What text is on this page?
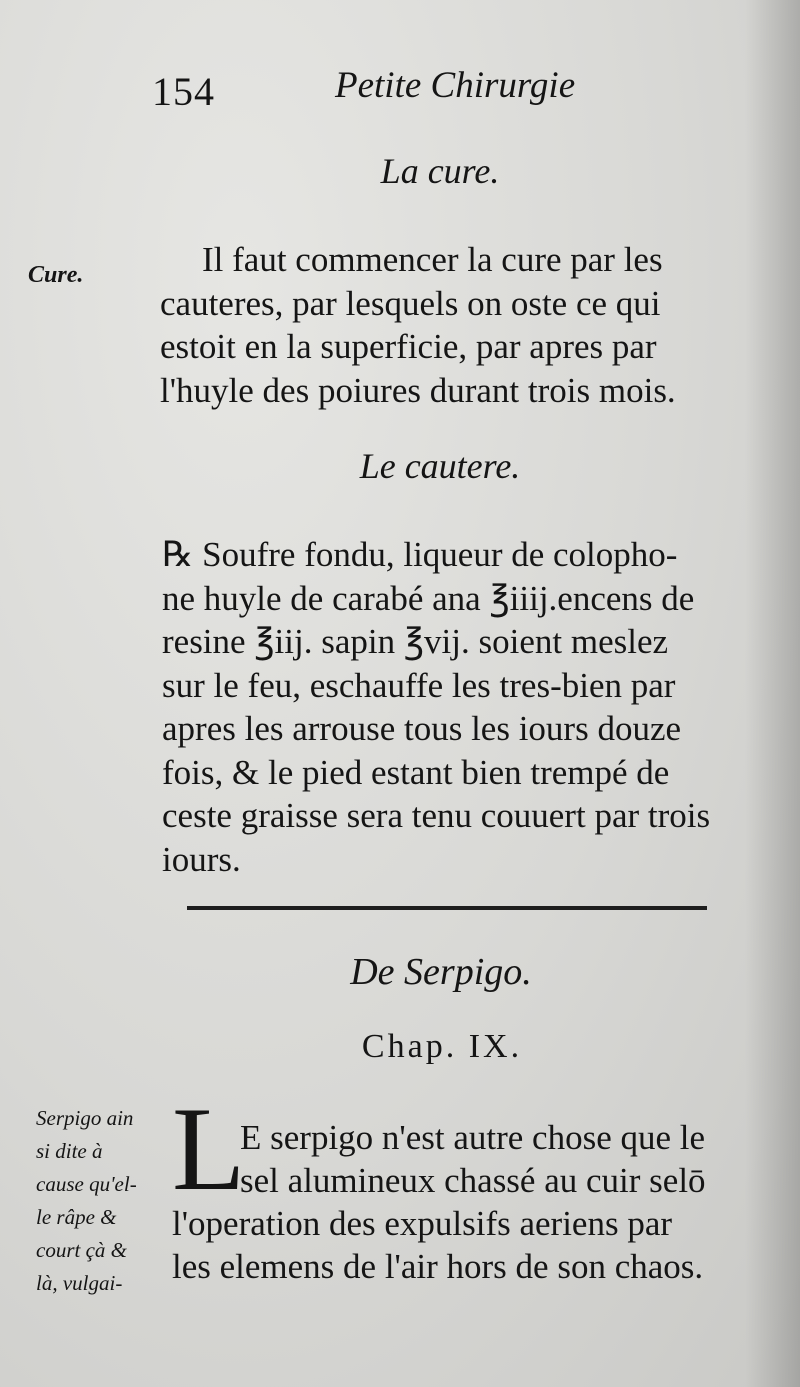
154	Petite Chirurgie
La cure.
Cure.	Il faut commencer la cure par les
cauteres, par lesquels on oste ce qui
estoit en la superficie, par apres par
l'huyle des poiures durant trois mois.
Le cautere.
℞ Soufre fondu, liqueur de colopho-
ne huyle de carabé ana ℥iiij.encens de
resine ℥iij. sapin ℥vij. soient meslez
sur le feu, eschauffe les tres-bien par
apres les arrouse tous les iours douze
fois, & le pied estant bien trempé de
ceste graisse sera tenu couuert par trois
iours.
De Serpigo.
Chap. IX.
Serpigo ain
si dite à
cause qu'el-
le râpe &
court çà &
là, vulgai-
L
E serpigo n'est autre chose que le
sel alumineux chassé au cuir selō
l'operation des expulsifs aeriens par
les elemens de l'air hors de son chaos.
